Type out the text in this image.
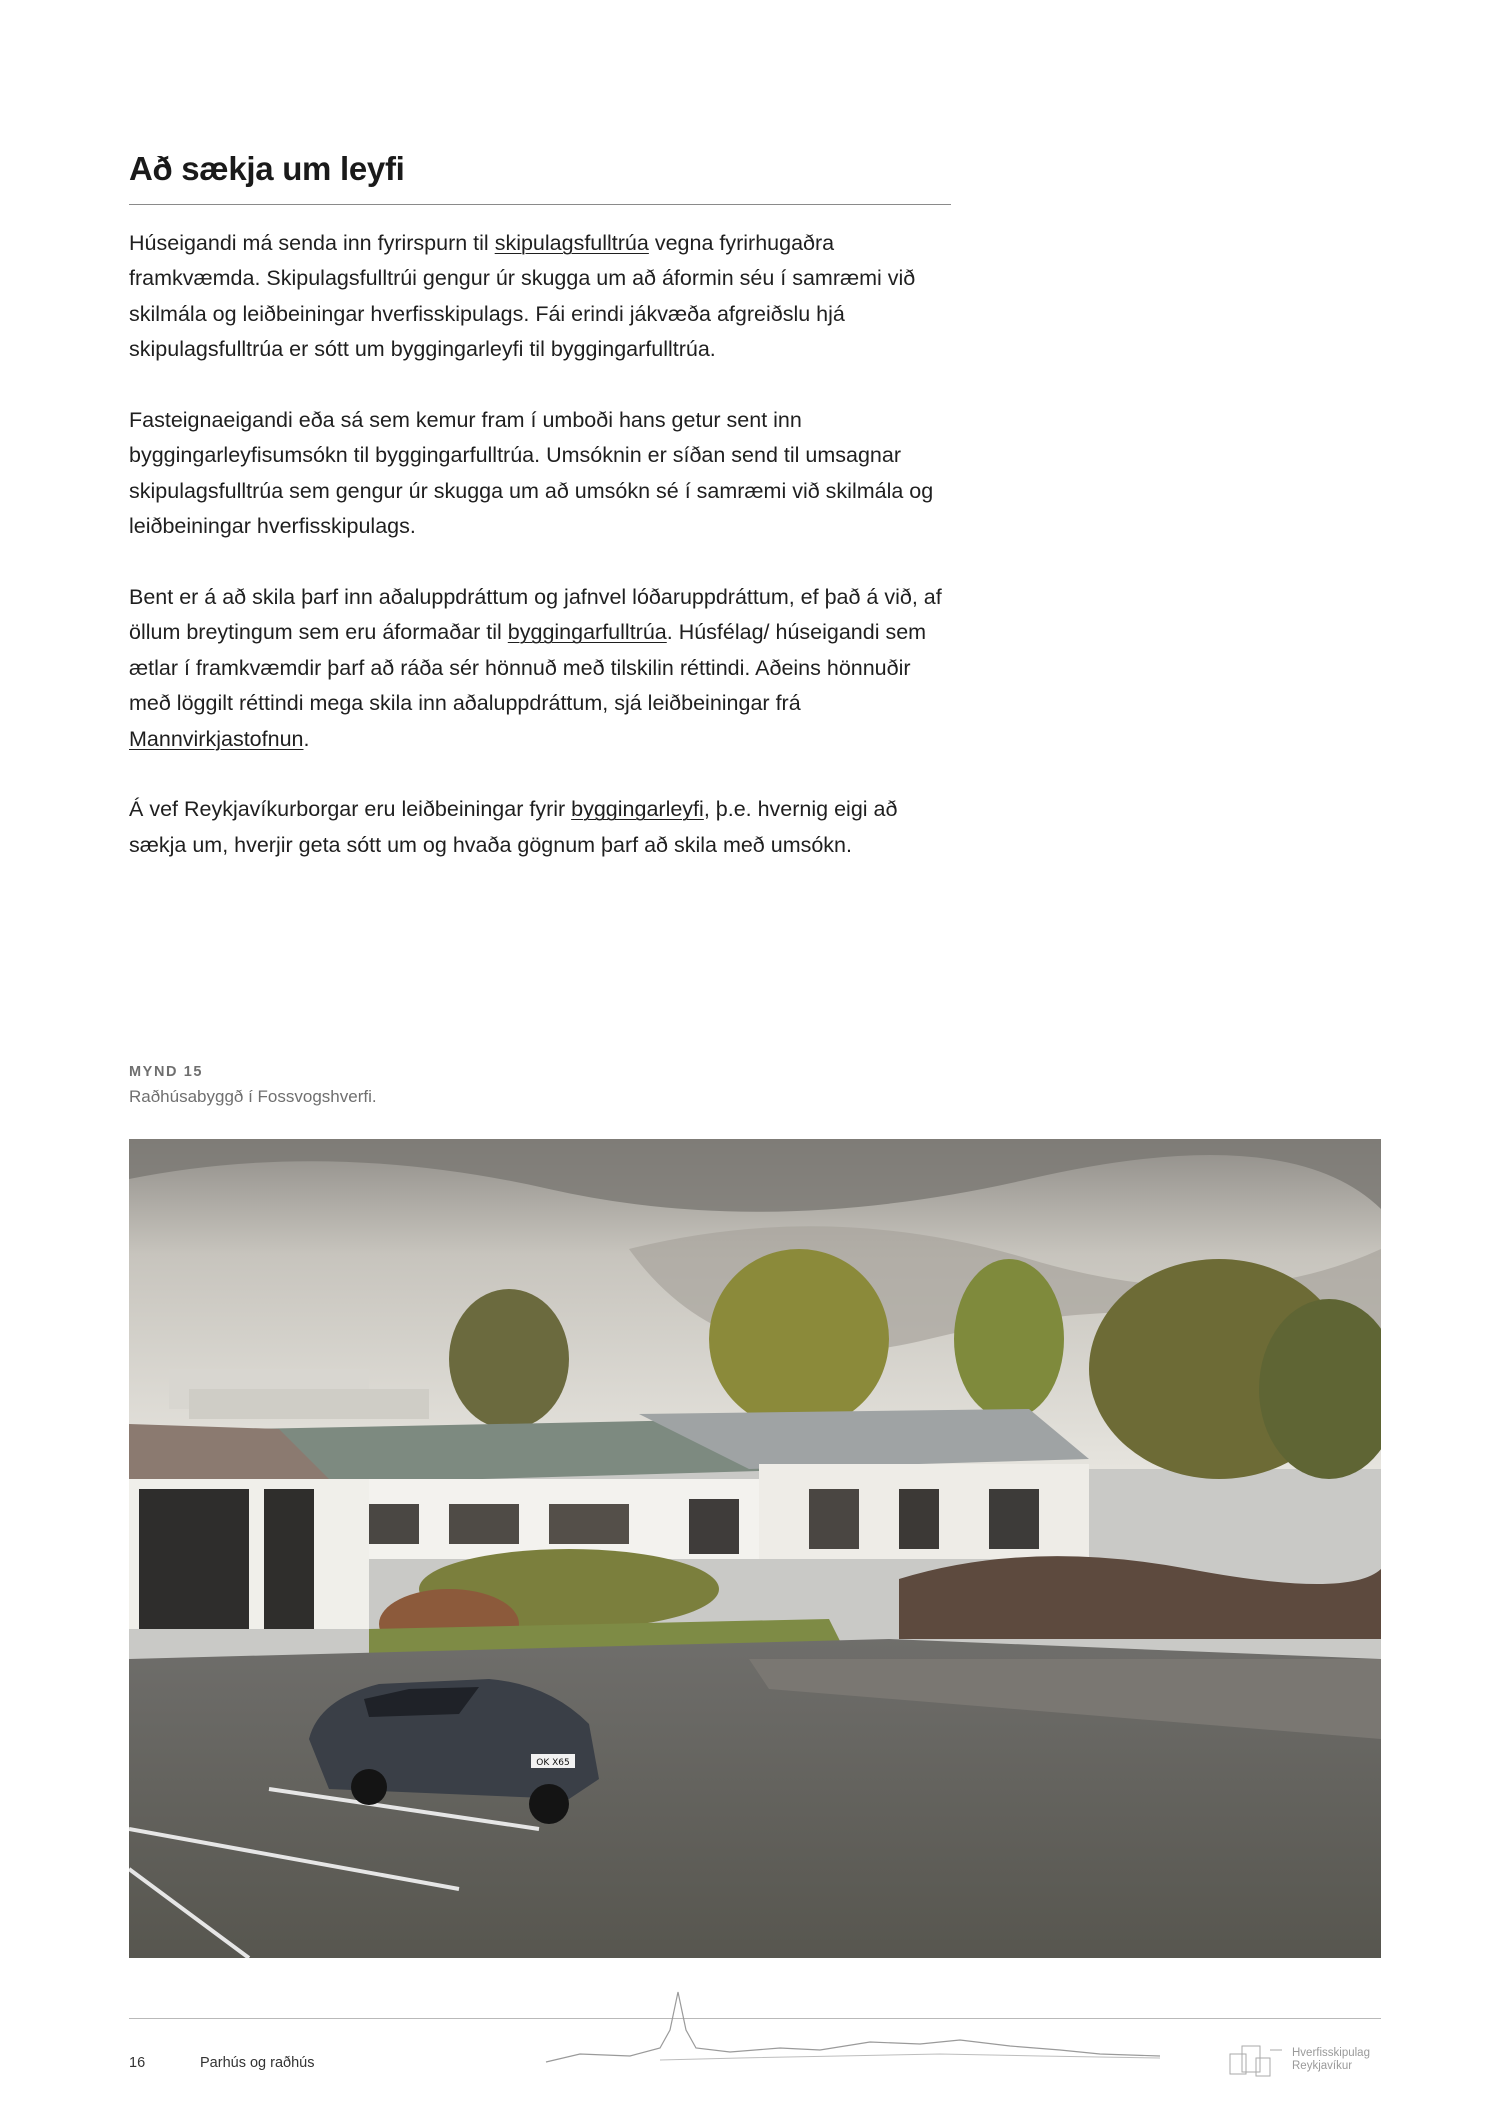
Að sækja um leyfi

Húseigandi má senda inn fyrirspurn til skipulagsfulltrúa vegna fyrirhugaðra framkvæmda. Skipulagsfulltrúi gengur úr skugga um að áformin séu í samræmi við skilmála og leiðbeiningar hverfisskipulags. Fái erindi jákvæða afgreiðslu hjá skipulagsfulltrúa er sótt um byggingarleyfi til byggingarfulltrúa.

Fasteignaeigandi eða sá sem kemur fram í umboði hans getur sent inn byggingarleyfisumsókn til byggingarfulltrúa. Umsóknin er síðan send til umsagnar skipulagsfulltrúa sem gengur úr skugga um að umsókn sé í samræmi við skilmála og leiðbeiningar hverfisskipulags.

Bent er á að skila þarf inn aðaluppdráttum og jafnvel lóðaruppdráttum, ef það á við, af öllum breytingum sem eru áformaðar til byggingarfulltrúa. Húsfélag/ húseigandi sem ætlar í framkvæmdir þarf að ráða sér hönnuð með tilskilin réttindi. Aðeins hönnuðir með löggilt réttindi mega skila inn aðaluppdráttum, sjá leiðbeiningar frá Mannvirkjastofnun.

Á vef Reykjavíkurborgar eru leiðbeiningar fyrir byggingarleyfi, þ.e. hvernig eigi að sækja um, hverjir geta sótt um og hvaða gögnum þarf að skila með umsókn.

MYND 15
Raðhúsabyggð í Fossvogshverfi.
OK X65
16	Parhús og raðhús
Hverfisskipulag
Reykjavíkur
